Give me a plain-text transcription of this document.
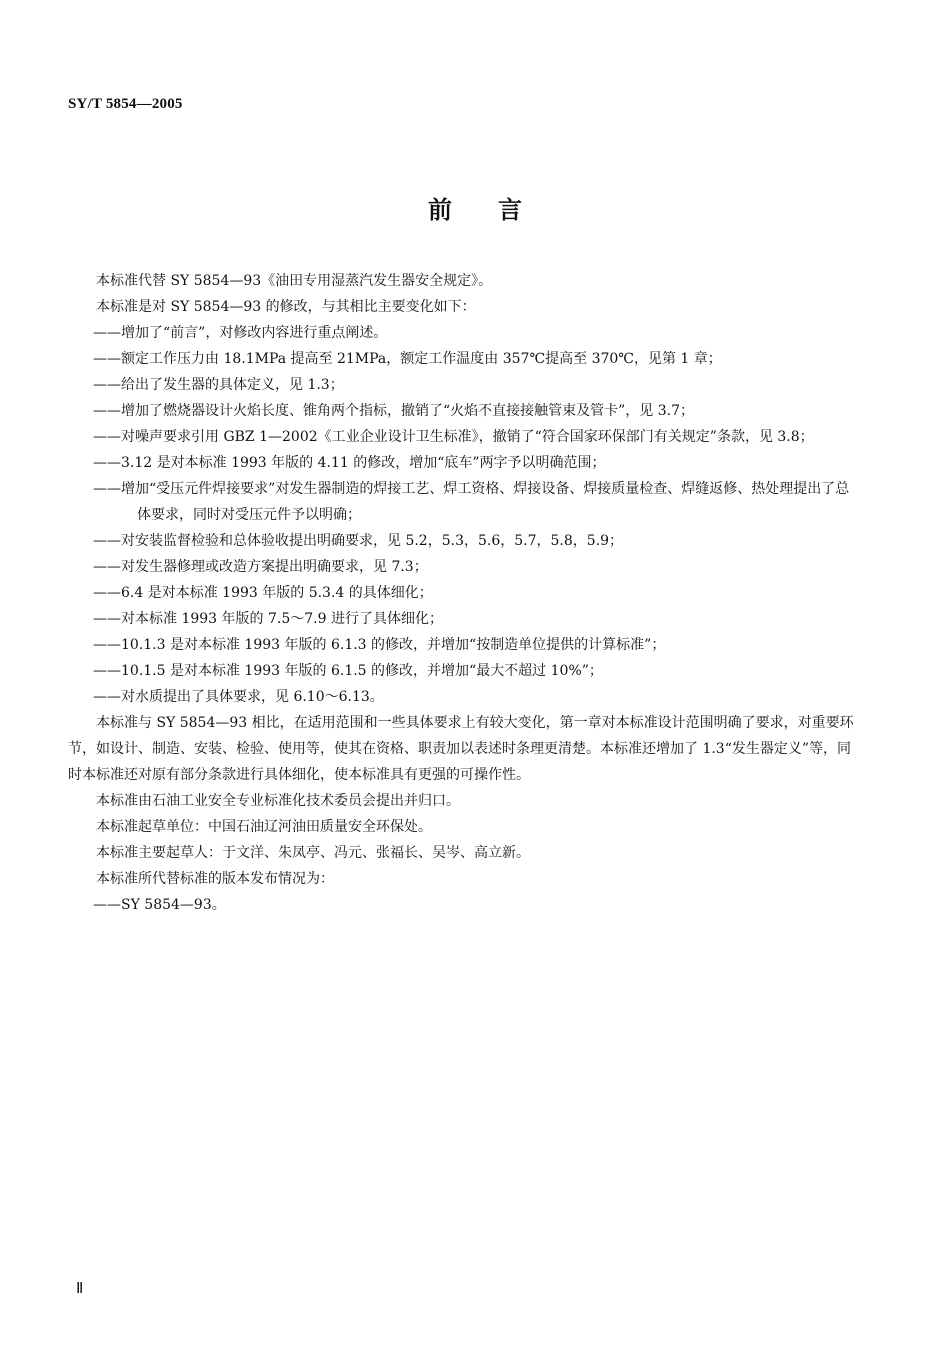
SY/T 5854—2005
前 言

本标准代替 SY 5854—93《油田专用湿蒸汽发生器安全规定》。

本标准是对 SY 5854—93 的修改，与其相比主要变化如下：

——增加了“前言”，对修改内容进行重点阐述。

——额定工作压力由 18.1MPa 提高至 21MPa，额定工作温度由 357℃提高至 370℃，见第 1 章；

——给出了发生器的具体定义，见 1.3；

——增加了燃烧器设计火焰长度、锥角两个指标，撤销了“火焰不直接接触管束及管卡”，见 3.7；

——对噪声要求引用 GBZ 1—2002《工业企业设计卫生标准》，撤销了“符合国家环保部门有关规定”条款，见 3.8；

——3.12 是对本标准 1993 年版的 4.11 的修改，增加“底车”两字予以明确范围；

——增加“受压元件焊接要求”对发生器制造的焊接工艺、焊工资格、焊接设备、焊接质量检查、焊缝返修、热处理提出了总体要求，同时对受压元件予以明确；

——对安装监督检验和总体验收提出明确要求，见 5.2，5.3，5.6，5.7，5.8，5.9；

——对发生器修理或改造方案提出明确要求，见 7.3；

——6.4 是对本标准 1993 年版的 5.3.4 的具体细化；

——对本标准 1993 年版的 7.5～7.9 进行了具体细化；

——10.1.3 是对本标准 1993 年版的 6.1.3 的修改，并增加“按制造单位提供的计算标准”；

——10.1.5 是对本标准 1993 年版的 6.1.5 的修改，并增加“最大不超过 10%”；

——对水质提出了具体要求，见 6.10～6.13。

本标准与 SY 5854—93 相比，在适用范围和一些具体要求上有较大变化，第一章对本标准设计范围明确了要求，对重要环节，如设计、制造、安装、检验、使用等，使其在资格、职责加以表述时条理更清楚。本标准还增加了 1.3“发生器定义”等，同时本标准还对原有部分条款进行具体细化，使本标准具有更强的可操作性。

本标准由石油工业安全专业标准化技术委员会提出并归口。

本标准起草单位：中国石油辽河油田质量安全环保处。

本标准主要起草人：于文洋、朱凤亭、冯元、张福长、吴岑、高立新。

本标准所代替标准的版本发布情况为：

——SY 5854—93。

Ⅱ
